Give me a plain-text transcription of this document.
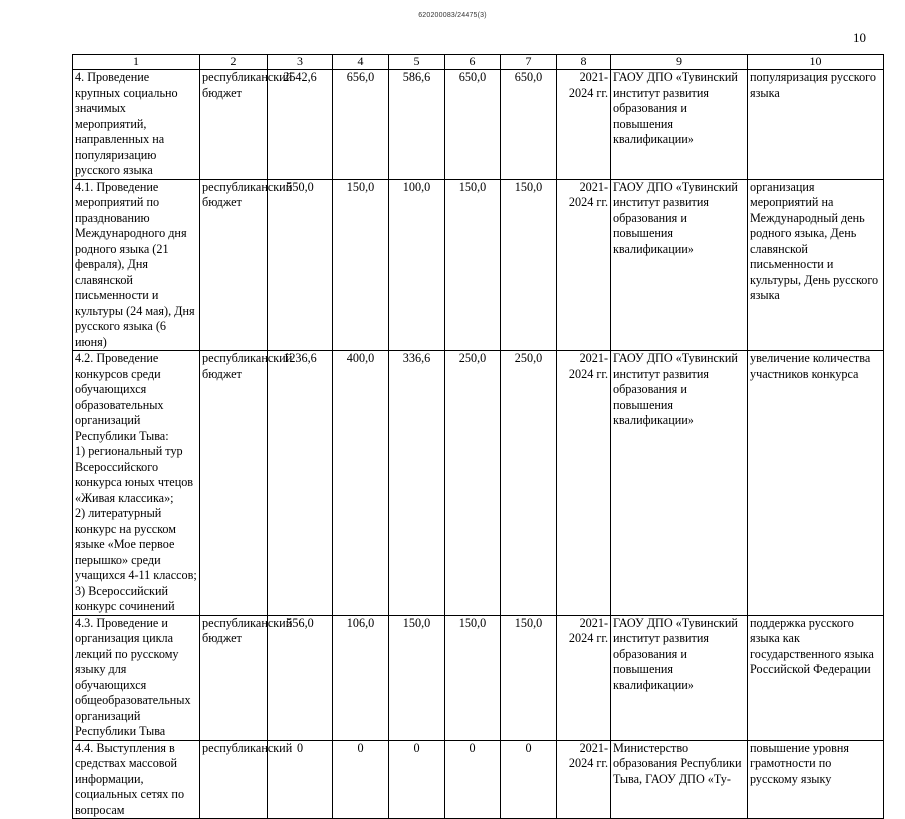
620200083/24475(3)
10
1	2	3	4	5	6	7	8	9	10
4. Проведение крупных социально значимых мероприятий, направленных на популяризацию русского языка	республиканский бюджет	2542,6	656,0	586,6	650,0	650,0	2021-2024 гг.	ГАОУ ДПО «Тувинский институт развития образования и повышения квалификации»	популяризация русского языка
4.1. Проведение мероприятий по празднованию Международного дня родного языка (21 февраля), Дня славянской письменности и культуры (24 мая), Дня русского языка (6 июня)	республиканский бюджет	550,0	150,0	100,0	150,0	150,0	2021-2024 гг.	ГАОУ ДПО «Тувинский институт развития образования и повышения квалификации»	организация мероприятий на Международный день родного языка, День славянской письменности и культуры, День русского языка
4.2. Проведение конкурсов среди обучающихся образовательных организаций Республики Тыва:
1) региональный тур Всероссийского конкурса юных чтецов «Живая классика»;
2) литературный конкурс на русском языке «Мое первое перышко» среди учащихся 4-11 классов;
3) Всероссийский конкурс сочинений	республиканский бюджет	1236,6	400,0	336,6	250,0	250,0	2021-2024 гг.	ГАОУ ДПО «Тувинский институт развития образования и повышения квалификации»	увеличение количества участников конкурса
4.3. Проведение и организация цикла лекций по русскому языку для обучающихся общеобразовательных организаций Республики Тыва	республиканский бюджет	556,0	106,0	150,0	150,0	150,0	2021-2024 гг.	ГАОУ ДПО «Тувинский институт развития образования и повышения квалификации»	поддержка русского языка как государственного языка Российской Федерации
4.4. Выступления в средствах массовой информации, социальных сетях по вопросам	республиканский	0	0	0	0	0	2021-2024 гг.	Министерство образования Республики Тыва, ГАОУ ДПО «Ту-	повышение уровня грамотности по русскому языку
